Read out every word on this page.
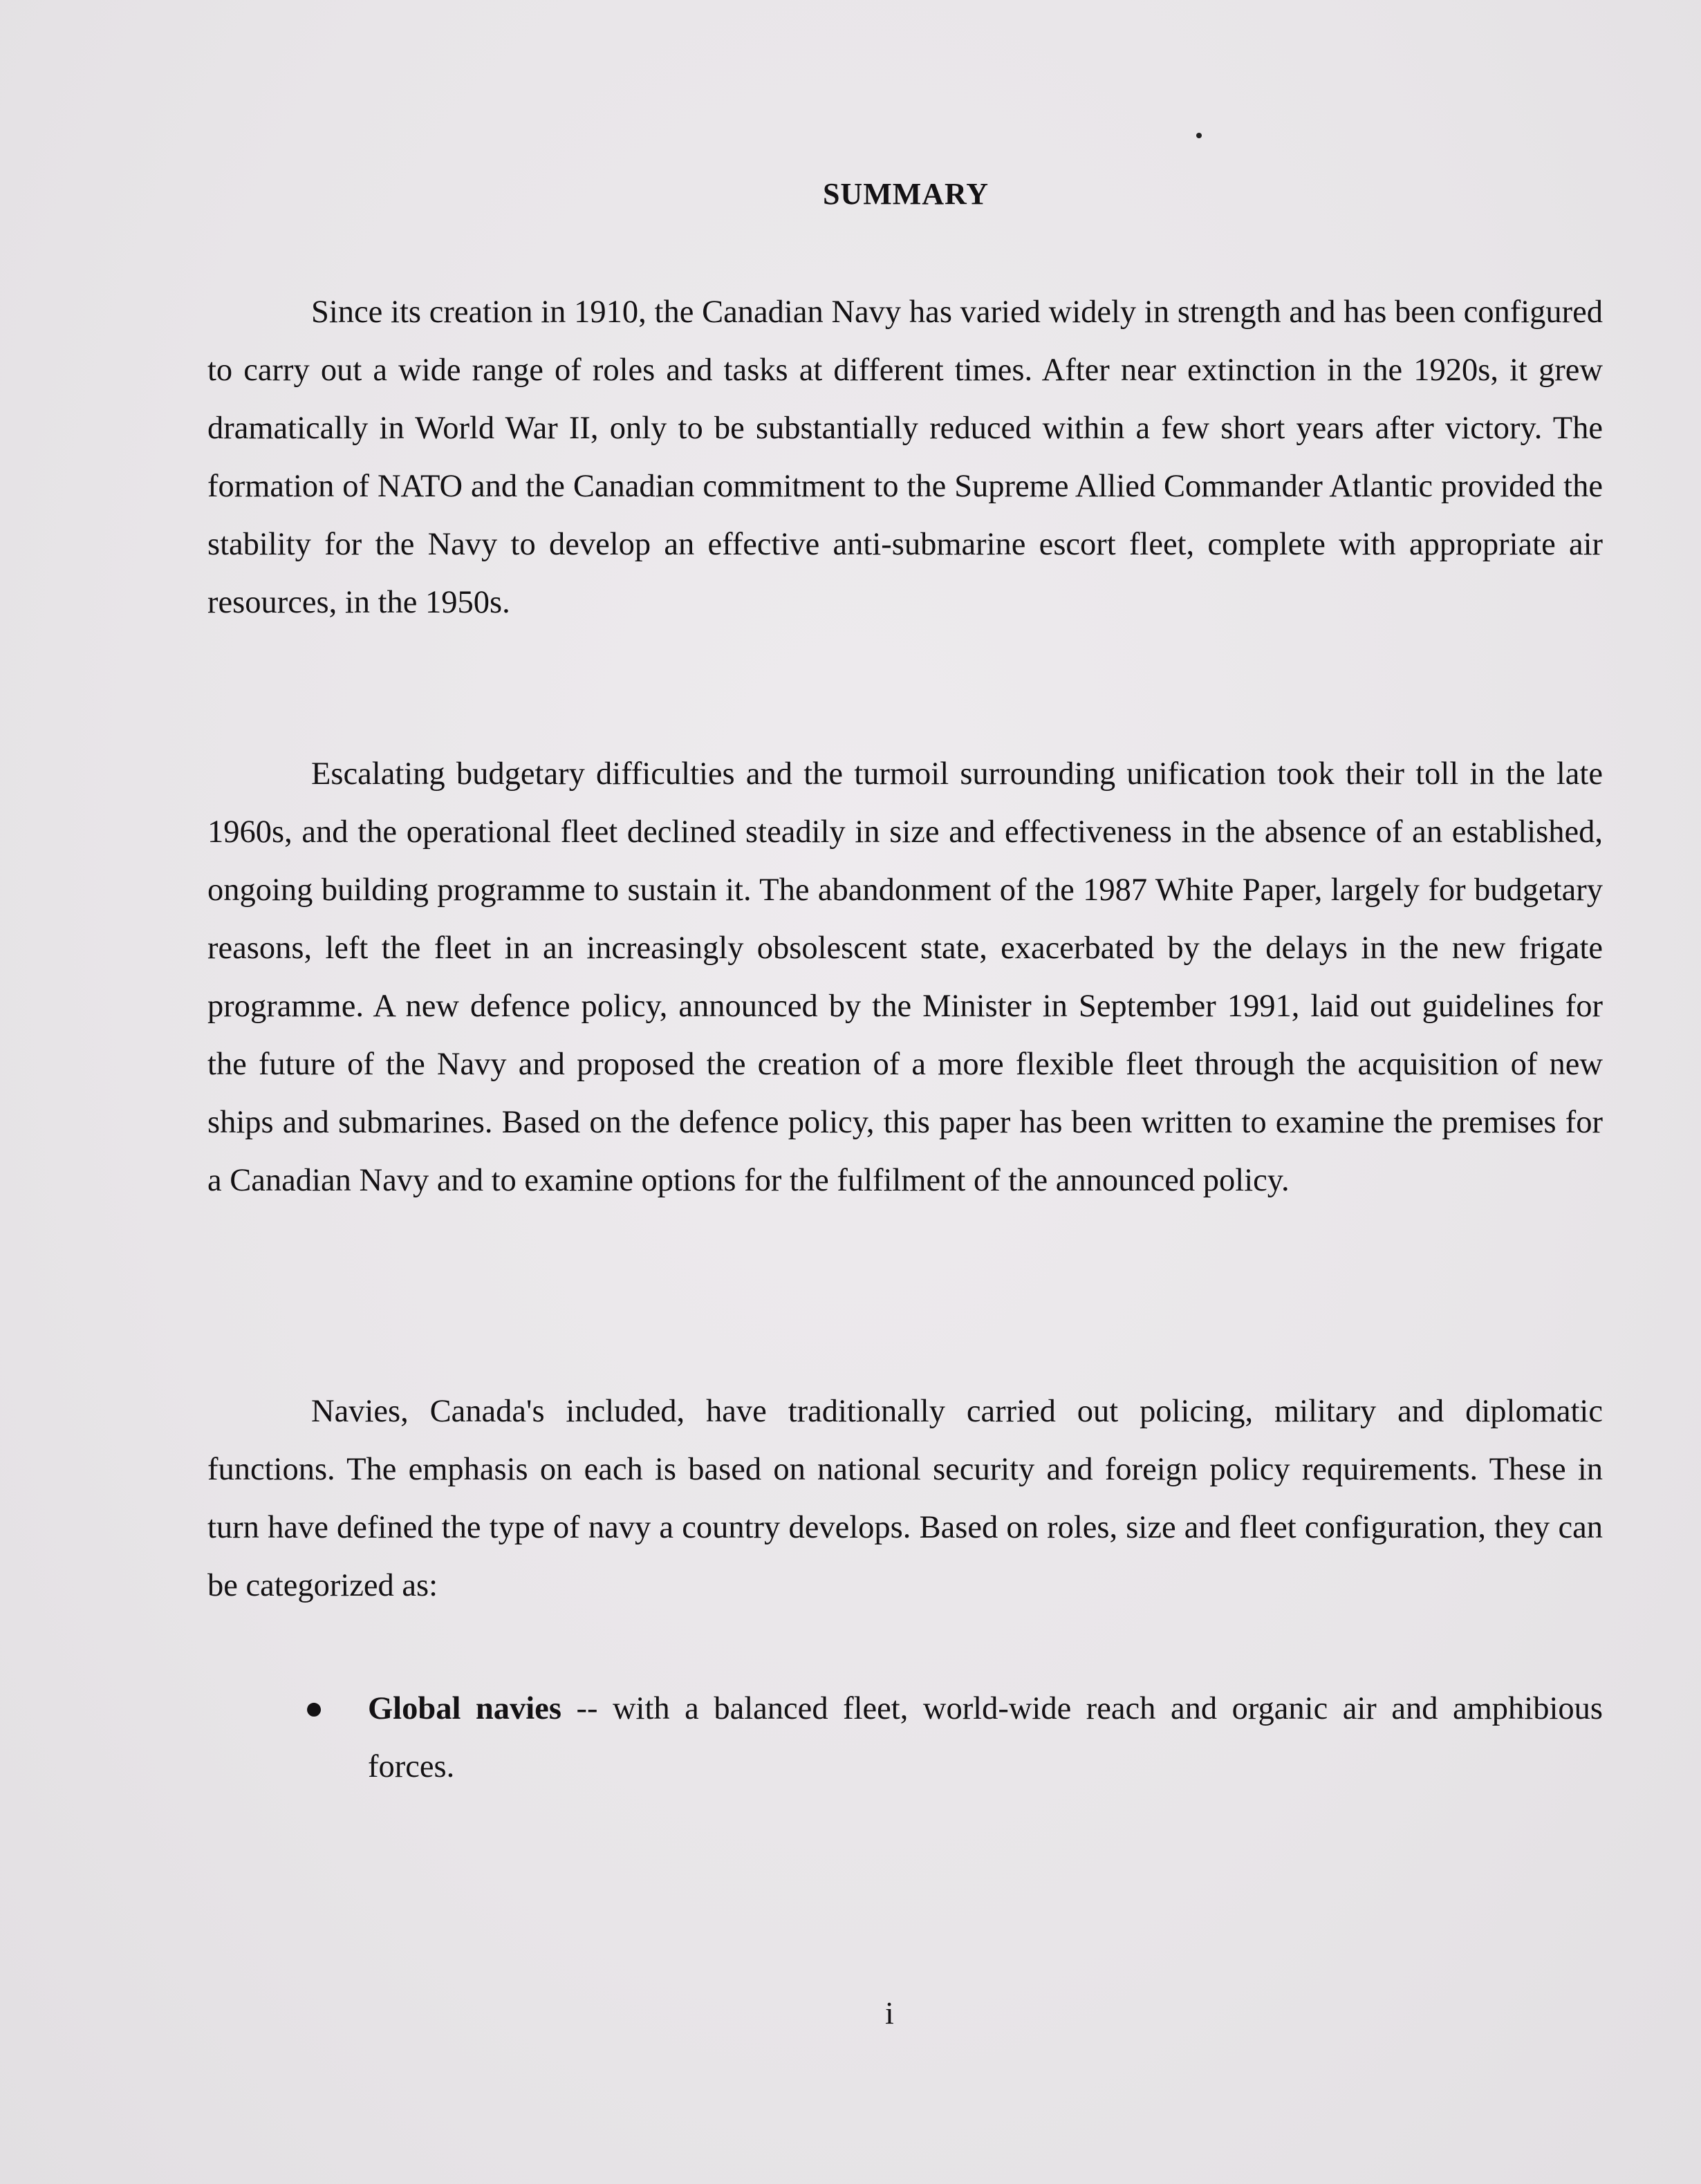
SUMMARY

Since its creation in 1910, the Canadian Navy has varied widely in strength and has been configured to carry out a wide range of roles and tasks at different times. After near extinction in the 1920s, it grew dramatically in World War II, only to be substantially reduced within a few short years after victory. The formation of NATO and the Canadian commitment to the Supreme Allied Commander Atlantic provided the stability for the Navy to develop an effective anti-submarine escort fleet, complete with appropriate air resources, in the 1950s.

Escalating budgetary difficulties and the turmoil surrounding unification took their toll in the late 1960s, and the operational fleet declined steadily in size and effectiveness in the absence of an established, ongoing building programme to sustain it. The abandonment of the 1987 White Paper, largely for budgetary reasons, left the fleet in an increasingly obsolescent state, exacerbated by the delays in the new frigate programme. A new defence policy, announced by the Minister in September 1991, laid out guidelines for the future of the Navy and proposed the creation of a more flexible fleet through the acquisition of new ships and submarines. Based on the defence policy, this paper has been written to examine the premises for a Canadian Navy and to examine options for the fulfilment of the announced policy.

Navies, Canada's included, have traditionally carried out policing, military and diplomatic functions. The emphasis on each is based on national security and foreign policy requirements. These in turn have defined the type of navy a country develops. Based on roles, size and fleet configuration, they can be categorized as:

●	Global navies -- with a balanced fleet, world-wide reach and organic air and amphibious forces.
i
